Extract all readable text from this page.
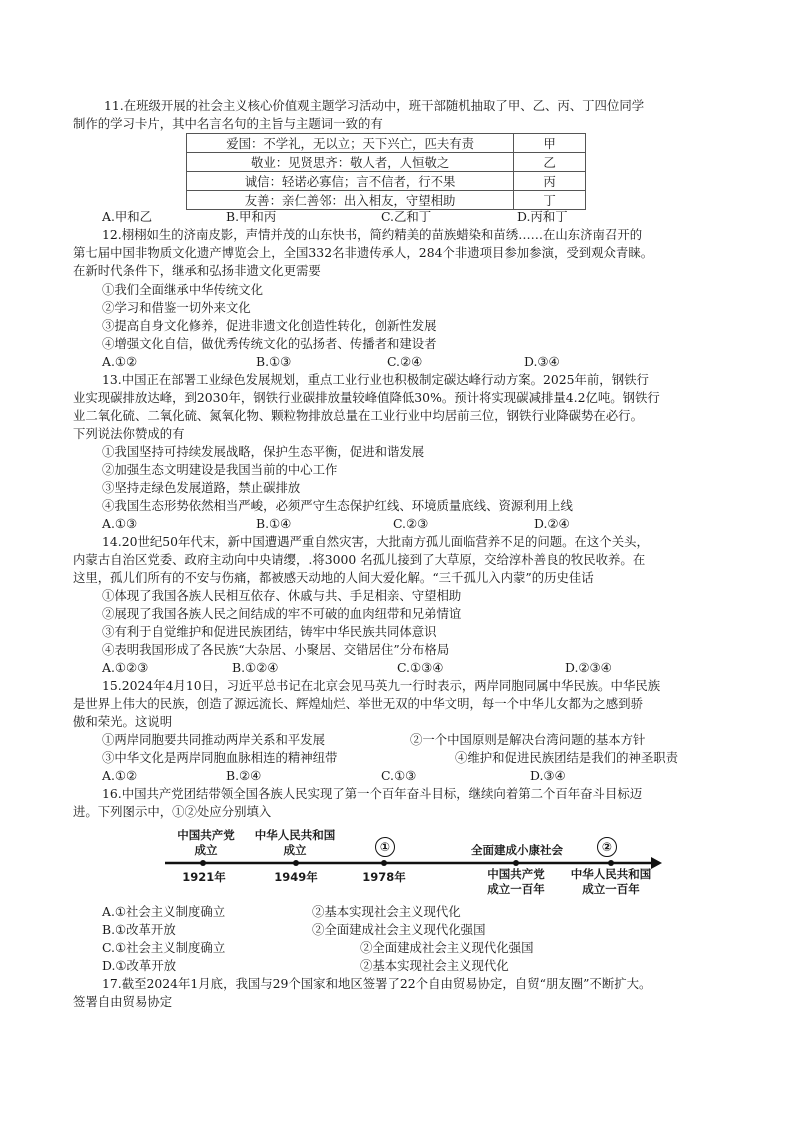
11.在班级开展的社会主义核心价值观主题学习活动中，班干部随机抽取了甲、乙、丙、丁四位同学
制作的学习卡片，其中名言名句的主旨与主题词一致的有
爱国：不学礼，无以立；天下兴亡，匹夫有责	甲
敬业：见贤思齐：敬人者，人恒敬之	乙
诚信：轻诺必寡信；言不信者，行不果	丙
友善：亲仁善邻：出入相友，守望相助	丁
A.甲和乙	B.甲和丙	C.乙和丁	D.丙和丁
12.栩栩如生的济南皮影，声情并茂的山东快书，简约精美的苗族蜡染和苗绣……在山东济南召开的
第七届中国非物质文化遗产博览会上，全国332名非遗传承人，284个非遗项目参加参演，受到观众青睐。
在新时代条件下，继承和弘扬非遗文化更需要
①我们全面继承中华传统文化
②学习和借鉴一切外来文化
③提高自身文化修养，促进非遗文化创造性转化，创新性发展
④增强文化自信，做优秀传统文化的弘扬者、传播者和建设者
A.①②	B.①③	C.②④	D.③④
13.中国正在部署工业绿色发展规划，重点工业行业也积极制定碳达峰行动方案。2025年前，钢铁行
业实现碳排放达峰，到2030年，钢铁行业碳排放量较峰值降低30%。预计将实现碳减排量4.2亿吨。钢铁行
业二氧化硫、二氧化硫、氮氧化物、颗粒物排放总量在工业行业中均居前三位，钢铁行业降碳势在必行。
下列说法你赞成的有
①我国坚持可持续发展战略，保护生态平衡，促进和谐发展
②加强生态文明建设是我国当前的中心工作
③坚持走绿色发展道路，禁止碳排放
④我国生态形势依然相当严峻，必须严守生态保护红线、环境质量底线、资源利用上线
A.①③	B.①④	C.②③	D.②④
14.20世纪50年代末，新中国遭遇严重自然灾害，大批南方孤儿面临营养不足的问题。在这个关头，
内蒙古自治区党委、政府主动向中央请缨，.将3000 名孤儿接到了大草原，交给淳朴善良的牧民收养。在
这里，孤儿们所有的不安与伤痛，都被感天动地的人间大爱化解。“三千孤儿入内蒙”的历史佳话
①体现了我国各族人民相互依存、休戚与共、手足相亲、守望相助
②展现了我国各族人民之间结成的牢不可破的血肉纽带和兄弟情谊
③有利于自觉维护和促进民族团结，铸牢中华民族共同体意识
④表明我国形成了各民族“大杂居、小聚居、交错居住”分布格局
A.①②③	B.①②④	C.①③④	D.②③④
15.2024年4月10日，习近平总书记在北京会见马英九一行时表示，两岸同胞同属中华民族。中华民族
是世界上伟大的民族，创造了源远流长、辉煌灿烂、举世无双的中华文明，每一个中华儿女都为之感到骄
傲和荣光。这说明
①两岸同胞要共同推动两岸关系和平发展	②一个中国原则是解决台湾问题的基本方针
③中华文化是两岸同胞血脉相连的精神纽带	④维护和促进民族团结是我们的神圣职责
A.①②	B.②④	C.①③	D.③④
16.中国共产党团结带领全国各族人民实现了第一个百年奋斗目标，继续向着第二个百年奋斗目标迈
进。下列图示中，①②处应分别填入
中国共产党
成立
中华人民共和国
成立	①	全面建成小康社会	②
1921年	1949年	1978年	中国共产党
成立一百年
中华人民共和国
成立一百年
A.①社会主义制度确立	②基本实现社会主义现代化
B.①改革开放	②全面建成社会主义现代化强国
C.①社会主义制度确立	②全面建成社会主义现代化强国
D.①改革开放	②基本实现社会主义现代化
17.截至2024年1月底，我国与29个国家和地区签署了22个自由贸易协定，自贸“朋友圈”不断扩大。
签署自由贸易协定
